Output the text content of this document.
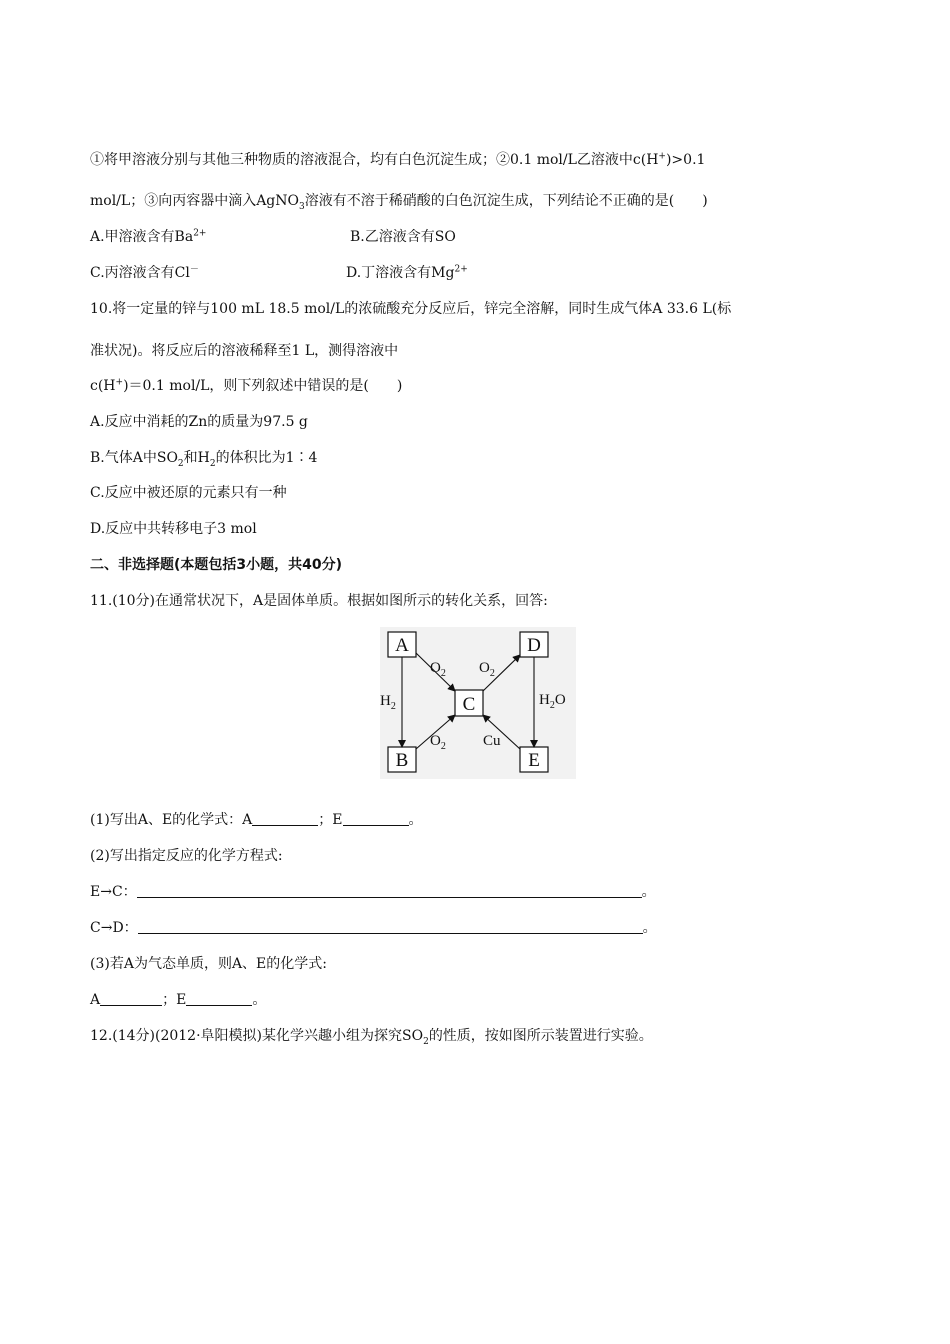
①将甲溶液分别与其他三种物质的溶液混合，均有白色沉淀生成；②0.1 mol/L乙溶液中c(H+)>0.1
mol/L；③向丙容器中滴入AgNO$_3$溶液有不溶于稀硝酸的白色沉淀生成，下列结论不正确的是(　　)
A.甲溶液含有$Ba^{2+}$	B.乙溶液含有SO
C.丙溶液含有Cl－	D.丁溶液含有$Mg^{2+}$
10.将一定量的锌与100 mL 18.5 mol/L的浓硫酸充分反应后，锌完全溶解，同时生成气体A 33.6 L(标
准状况)。将反应后的溶液稀释至1 L，测得溶液中
c(H+)＝0.1 mol/L，则下列叙述中错误的是(　　)
A.反应中消耗的Zn的质量为97.5 g
B.气体A中$SO_2$和$H_2$的体积比为1∶4
C.反应中被还原的元素只有一种
D.反应中共转移电子3 mol
二、非选择题(本题包括3小题，共40分)
11.(10分)在通常状况下，A是固体单质。根据如图所示的转化关系，回答:
A	D
C
B	E
$O_2$ $O_2$
$O_2$
$H_2$	$H_2O$
Cu
(1)写出A、E的化学式：A	；E	。
(2)写出指定反应的化学方程式:
E→C：	。
C→D：	。
(3)若A为气态单质，则A、E的化学式:
A	；E	。
12.(14分)(2012·阜阳模拟)某化学兴趣小组为探究$SO_2$的性质，按如图所示装置进行实验。
